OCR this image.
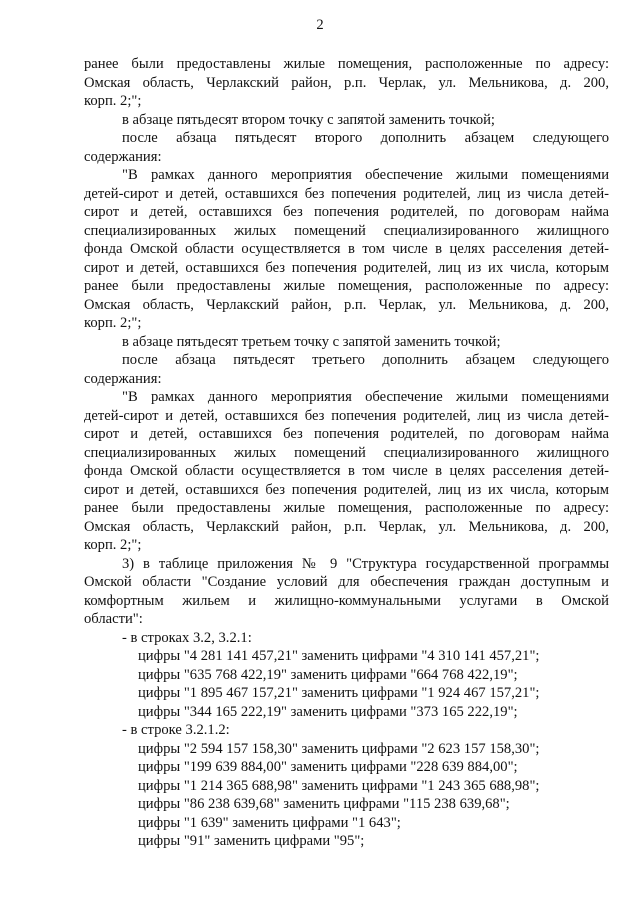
2
ранее были предоставлены жилые помещения, расположенные по адресу:
Омская область, Черлакский район, р.п. Черлак, ул. Мельникова, д. 200,
корп. 2;";
в абзаце пятьдесят втором точку с запятой заменить точкой;
после абзаца пятьдесят второго дополнить абзацем следующего
содержания:
"В рамках данного мероприятия обеспечение жилыми помещениями
детей-сирот и детей, оставшихся без попечения родителей, лиц из числа детей-
сирот и детей, оставшихся без попечения родителей, по договорам найма
специализированных жилых помещений специализированного жилищного
фонда Омской области осуществляется в том числе в целях расселения детей-
сирот и детей, оставшихся без попечения родителей, лиц из их числа, которым
ранее были предоставлены жилые помещения, расположенные по адресу:
Омская область, Черлакский район, р.п. Черлак, ул. Мельникова, д. 200,
корп. 2;";
в абзаце пятьдесят третьем точку с запятой заменить точкой;
после абзаца пятьдесят третьего дополнить абзацем следующего
содержания:
"В рамках данного мероприятия обеспечение жилыми помещениями
детей-сирот и детей, оставшихся без попечения родителей, лиц из числа детей-
сирот и детей, оставшихся без попечения родителей, по договорам найма
специализированных жилых помещений специализированного жилищного
фонда Омской области осуществляется в том числе в целях расселения детей-
сирот и детей, оставшихся без попечения родителей, лиц из их числа, которым
ранее были предоставлены жилые помещения, расположенные по адресу:
Омская область, Черлакский район, р.п. Черлак, ул. Мельникова, д. 200,
корп. 2;";
3) в таблице приложения № 9 "Структура государственной программы
Омской области "Создание условий для обеспечения граждан доступным и
комфортным жильем и жилищно-коммунальными услугами в Омской
области":
- в строках 3.2, 3.2.1:
цифры "4 281 141 457,21" заменить цифрами "4 310 141 457,21";
цифры "635 768 422,19" заменить цифрами "664 768 422,19";
цифры "1 895 467 157,21" заменить цифрами "1 924 467 157,21";
цифры "344 165 222,19" заменить цифрами "373 165 222,19";
- в строке 3.2.1.2:
цифры "2 594 157 158,30" заменить цифрами "2 623 157 158,30";
цифры "199 639 884,00" заменить цифрами "228 639 884,00";
цифры "1 214 365 688,98" заменить цифрами "1 243 365 688,98";
цифры "86 238 639,68" заменить цифрами "115 238 639,68";
цифры "1 639" заменить цифрами "1 643";
цифры "91" заменить цифрами "95";
